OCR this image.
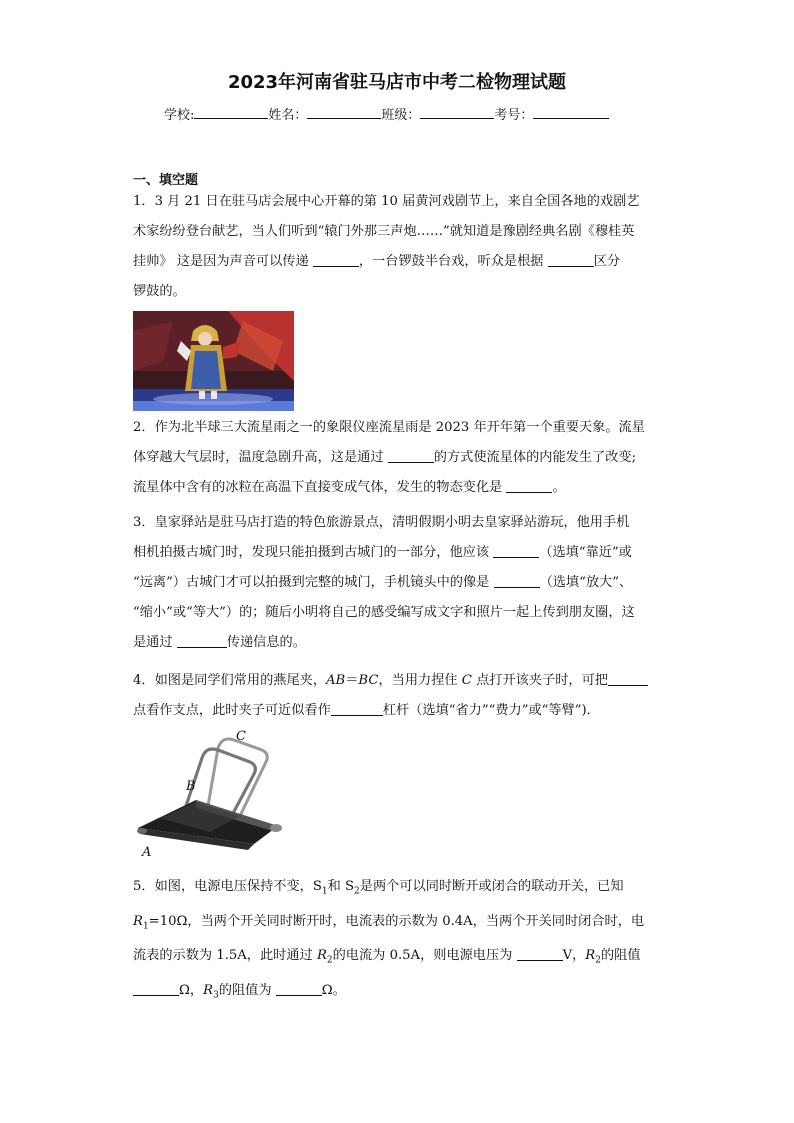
2023年河南省驻马店市中考二检物理试题
学校:	姓名：	班级：	考号：
一、填空题

1．3 月 21 日在驻马店会展中心开幕的第 10 届黄河戏剧节上，来自全国各地的戏剧艺

术家纷纷登台献艺，当人们听到“辕门外那三声炮……”就知道是豫剧经典名剧《穆桂英

挂帅》 这是因为声音可以传递	，一台锣鼓半台戏，听众是根据	区分

锣鼓的。

2．作为北半球三大流星雨之一的象限仪座流星雨是 2023 年开年第一个重要天象。流星

体穿越大气层时，温度急剧升高，这是通过	的方式使流星体的内能发生了改变;

流星体中含有的冰粒在高温下直接变成气体，发生的物态变化是	。

3．皇家驿站是驻马店打造的特色旅游景点，清明假期小明去皇家驿站游玩，他用手机

相机拍摄古城门时，发现只能拍摄到古城门的一部分，他应该	（选填“靠近”或

“远离”）古城门才可以拍摄到完整的城门，手机镜头中的像是	（选填“放大”、

“缩小”或“等大”）的；随后小明将自己的感受编写成文字和照片一起上传到朋友圈，这

是通过	传递信息的。

4．如图是同学们常用的燕尾夹，AB＝BC，当用力捏住 C 点打开该夹子时，可把

点看作支点，此时夹子可近似看作	杠杆（选填“省力”“费力”或“等臂”)．

C
B
A

5．如图，电源电压保持不变，$S_1$和 $S_2$是两个可以同时断开或闭合的联动开关，已知

$R_1=10\Omega$，当两个开关同时断开时，电流表的示数为 0.4A，当两个开关同时闭合时，电

流表的示数为 1.5A，此时通过 $R_2$的电流为 0.5A，则电源电压为	V，$R_2$的阻值

Ω，$R_3$的阻值为	Ω。
